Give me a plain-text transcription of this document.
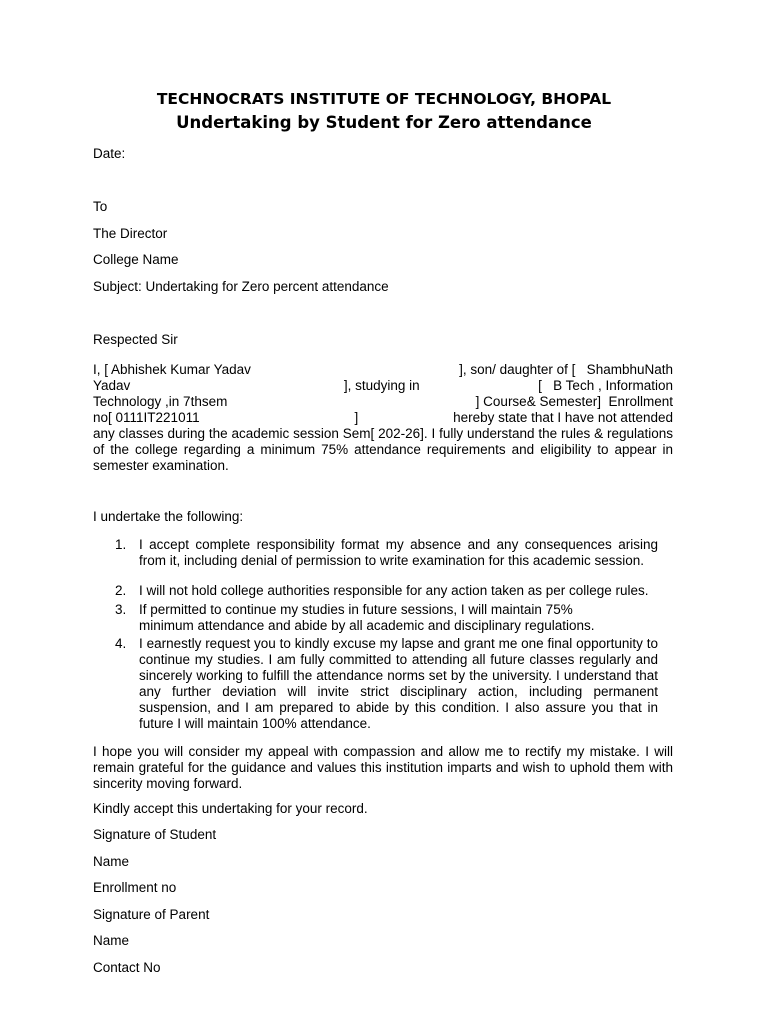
TECHNOCRATS INSTITUTE OF TECHNOLOGY, BHOPAL
Undertaking by Student for Zero attendance
Date:
To
The Director
College Name
Subject: Undertaking for Zero percent attendance
Respected Sir
I, [ Abhishek Kumar Yadav	], son/ daughter of [   ShambhuNath
Yadav	], studying in	[   B Tech , Information
Technology ,in 7thsem	] Course& Semester]  Enrollment
no[ 0111IT221011	]	hereby state that I have not attended
any classes during the academic session Sem[ 202-26]. I fully understand the rules & regulations of the college regarding a minimum 75% attendance requirements and eligibility to appear in semester examination.
I undertake the following:
1. I accept complete responsibility format my absence and any consequences arising from it, including denial of permission to write examination for this academic session.
2. I will not hold college authorities responsible for any action taken as per college rules.
3. If permitted to continue my studies in future sessions, I will maintain 75% minimum attendance and abide by all academic and disciplinary regulations.
4. I earnestly request you to kindly excuse my lapse and grant me one final opportunity to continue my studies. I am fully committed to attending all future classes regularly and sincerely working to fulfill the attendance norms set by the university. I understand that any further deviation will invite strict disciplinary action, including permanent suspension, and I am prepared to abide by this condition. I also assure you that in future I will maintain 100% attendance.
I hope you will consider my appeal with compassion and allow me to rectify my mistake. I will remain grateful for the guidance and values this institution imparts and wish to uphold them with sincerity moving forward.
Kindly accept this undertaking for your record.
Signature of Student
Name
Enrollment no
Signature of Parent
Name
Contact No
